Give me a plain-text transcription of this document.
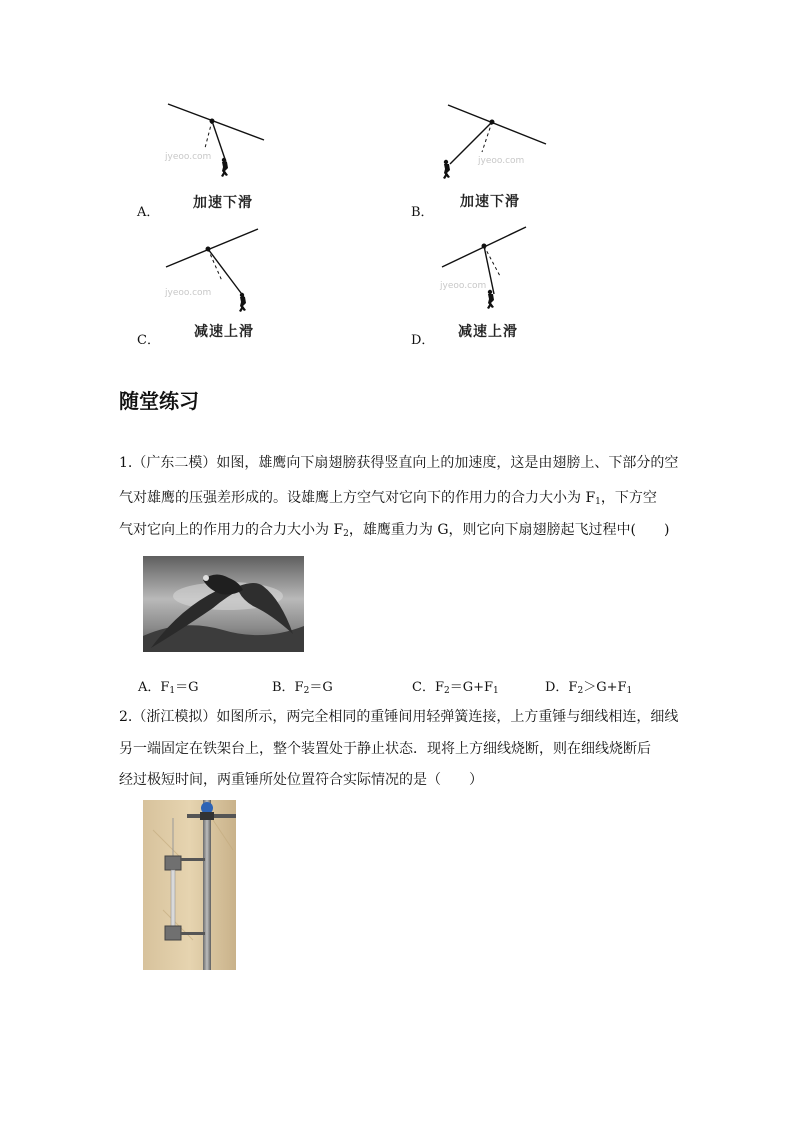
jyeoo.com
A．
加速下滑
jyeoo.com
B．
加速下滑
jyeoo.com
C．
减速上滑
jyeoo.com
D．
减速上滑
随堂练习
1.（广东二模）如图，雄鹰向下扇翅膀获得竖直向上的加速度，这是由翅膀上、下部分的空
气对雄鹰的压强差形成的。设雄鹰上方空气对它向下的作用力的合力大小为 $F_1$，下方空
气对它向上的作用力的合力大小为 $F_2$，雄鹰重力为 G，则它向下扇翅膀起飞过程中(　　)
A．$F_1=G$	B．$F_2=G$	C．$F_2=G+F_1$	D．$F_2>G+F_1$
2.（浙江模拟）如图所示，两完全相同的重锤间用轻弹簧连接，上方重锤与细线相连，细线
另一端固定在铁架台上，整个装置处于静止状态．现将上方细线烧断，则在细线烧断后
经过极短时间，两重锤所处位置符合实际情况的是（　　）
